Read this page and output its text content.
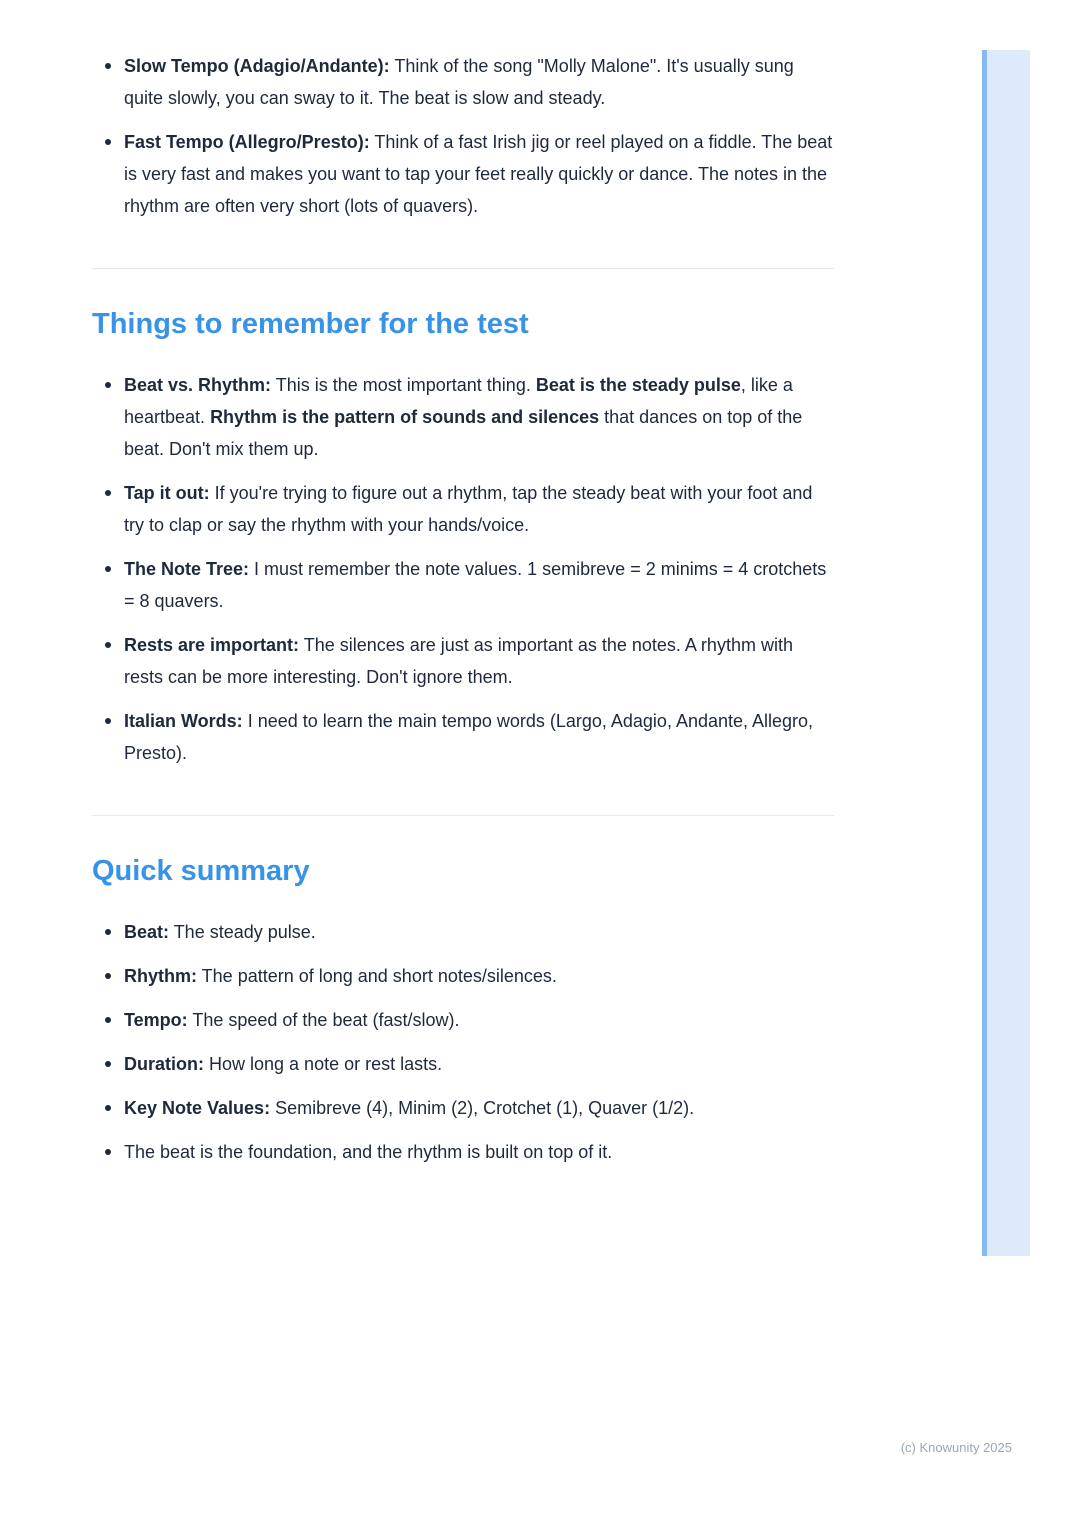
Slow Tempo (Adagio/Andante): Think of the song "Molly Malone". It's usually sung quite slowly, you can sway to it. The beat is slow and steady.
Fast Tempo (Allegro/Presto): Think of a fast Irish jig or reel played on a fiddle. The beat is very fast and makes you want to tap your feet really quickly or dance. The notes in the rhythm are often very short (lots of quavers).
Things to remember for the test
Beat vs. Rhythm: This is the most important thing. Beat is the steady pulse, like a heartbeat. Rhythm is the pattern of sounds and silences that dances on top of the beat. Don't mix them up.
Tap it out: If you're trying to figure out a rhythm, tap the steady beat with your foot and try to clap or say the rhythm with your hands/voice.
The Note Tree: I must remember the note values. 1 semibreve = 2 minims = 4 crotchets = 8 quavers.
Rests are important: The silences are just as important as the notes. A rhythm with rests can be more interesting. Don't ignore them.
Italian Words: I need to learn the main tempo words (Largo, Adagio, Andante, Allegro, Presto).
Quick summary
Beat: The steady pulse.
Rhythm: The pattern of long and short notes/silences.
Tempo: The speed of the beat (fast/slow).
Duration: How long a note or rest lasts.
Key Note Values: Semibreve (4), Minim (2), Crotchet (1), Quaver (1/2).
The beat is the foundation, and the rhythm is built on top of it.
(c) Knowunity 2025
